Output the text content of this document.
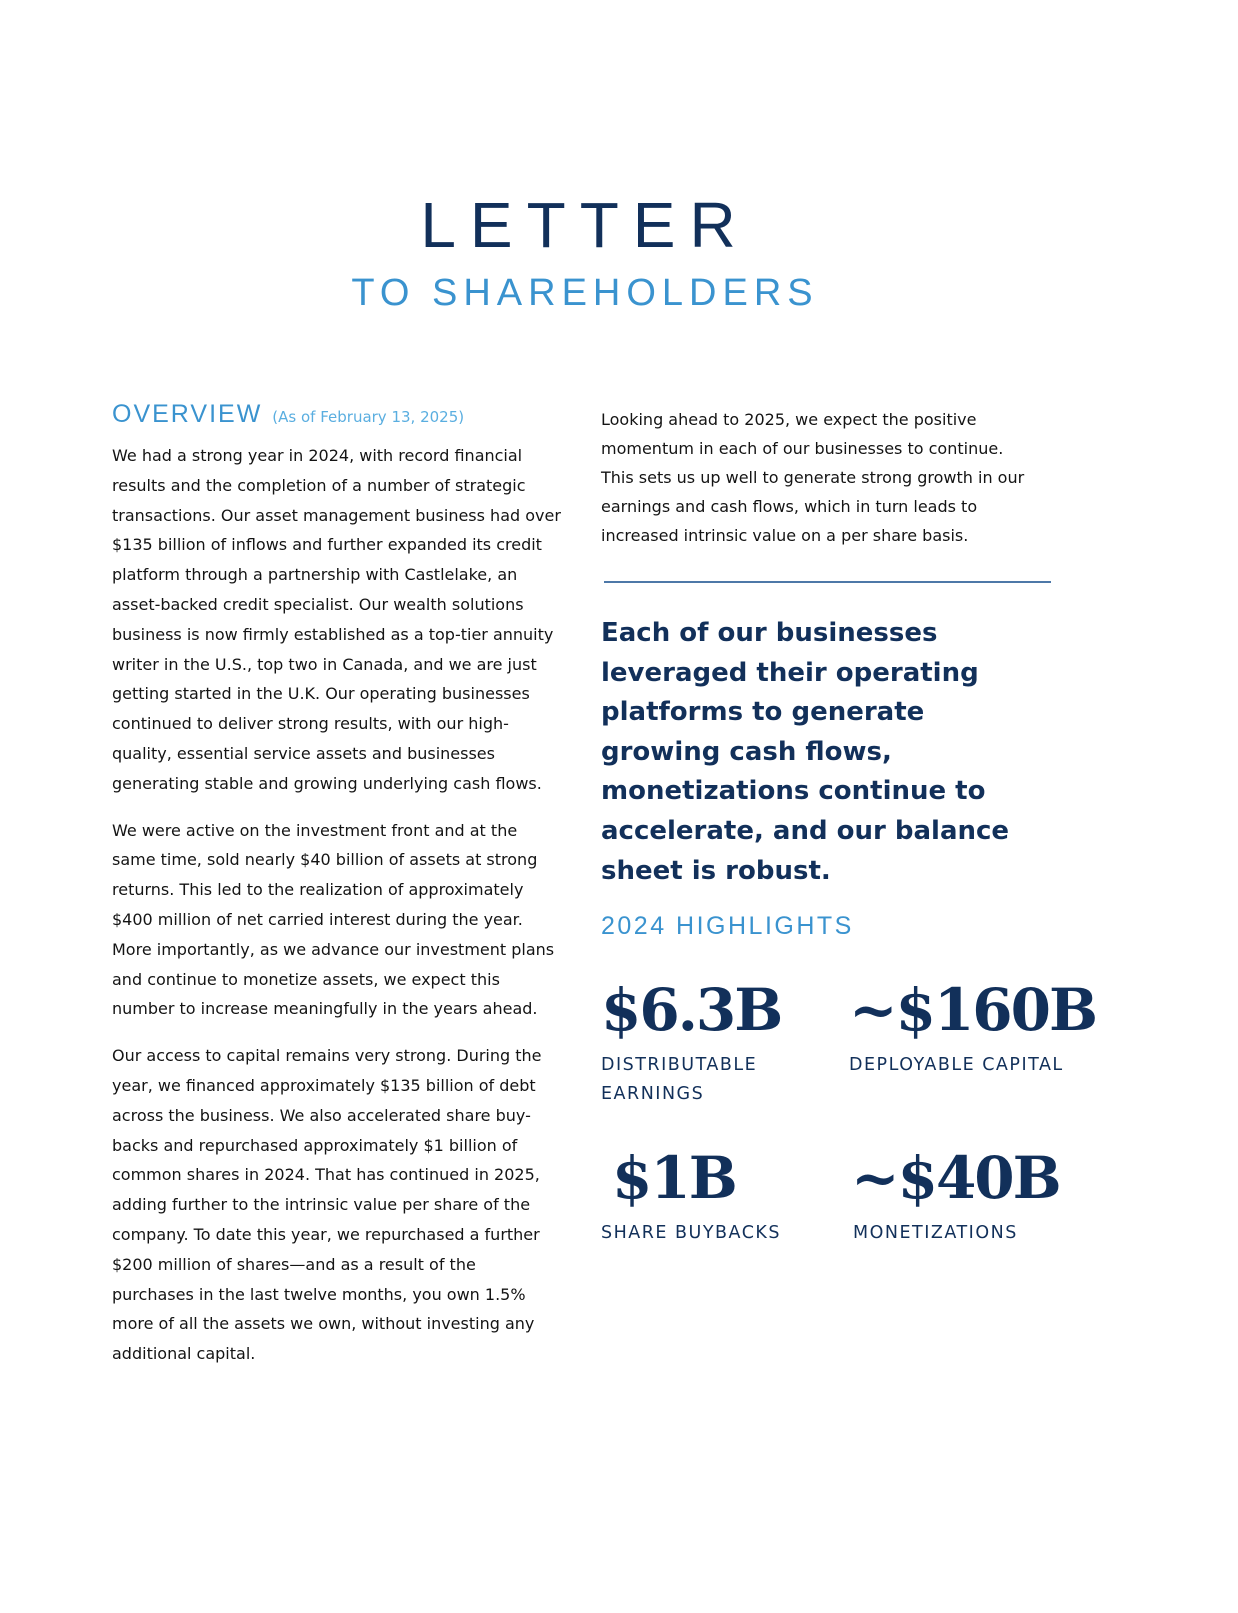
LETTER
TO SHAREHOLDERS
OVERVIEW (As of February 13, 2025)

We had a strong year in 2024, with record financial results and the completion of a number of strategic transactions. Our asset management business had over $135 billion of inflows and further expanded its credit platform through a partnership with Castlelake, an asset-backed credit specialist. Our wealth solutions business is now firmly established as a top-tier annuity writer in the U.S., top two in Canada, and we are just getting started in the U.K. Our operating businesses continued to deliver strong results, with our high-quality, essential service assets and businesses generating stable and growing underlying cash flows.

We were active on the investment front and at the same time, sold nearly $40 billion of assets at strong returns. This led to the realization of approximately $400 million of net carried interest during the year. More importantly, as we advance our investment plans and continue to monetize assets, we expect this number to increase meaningfully in the years ahead.

Our access to capital remains very strong. During the year, we financed approximately $135 billion of debt across the business. We also accelerated share buy-backs and repurchased approximately $1 billion of common shares in 2024. That has continued in 2025, adding further to the intrinsic value per share of the company. To date this year, we repurchased a further $200 million of shares—and as a result of the purchases in the last twelve months, you own 1.5% more of all the assets we own, without investing any additional capital.

Looking ahead to 2025, we expect the positive momentum in each of our businesses to continue. This sets us up well to generate strong growth in our earnings and cash flows, which in turn leads to increased intrinsic value on a per share basis.

Each of our businesses leveraged their operating platforms to generate growing cash flows, monetizations continue to accelerate, and our balance sheet is robust.
2024 HIGHLIGHTS
$6.3B
DISTRIBUTABLE EARNINGS
~$160B
DEPLOYABLE CAPITAL
$1B
SHARE BUYBACKS
~$40B
MONETIZATIONS
